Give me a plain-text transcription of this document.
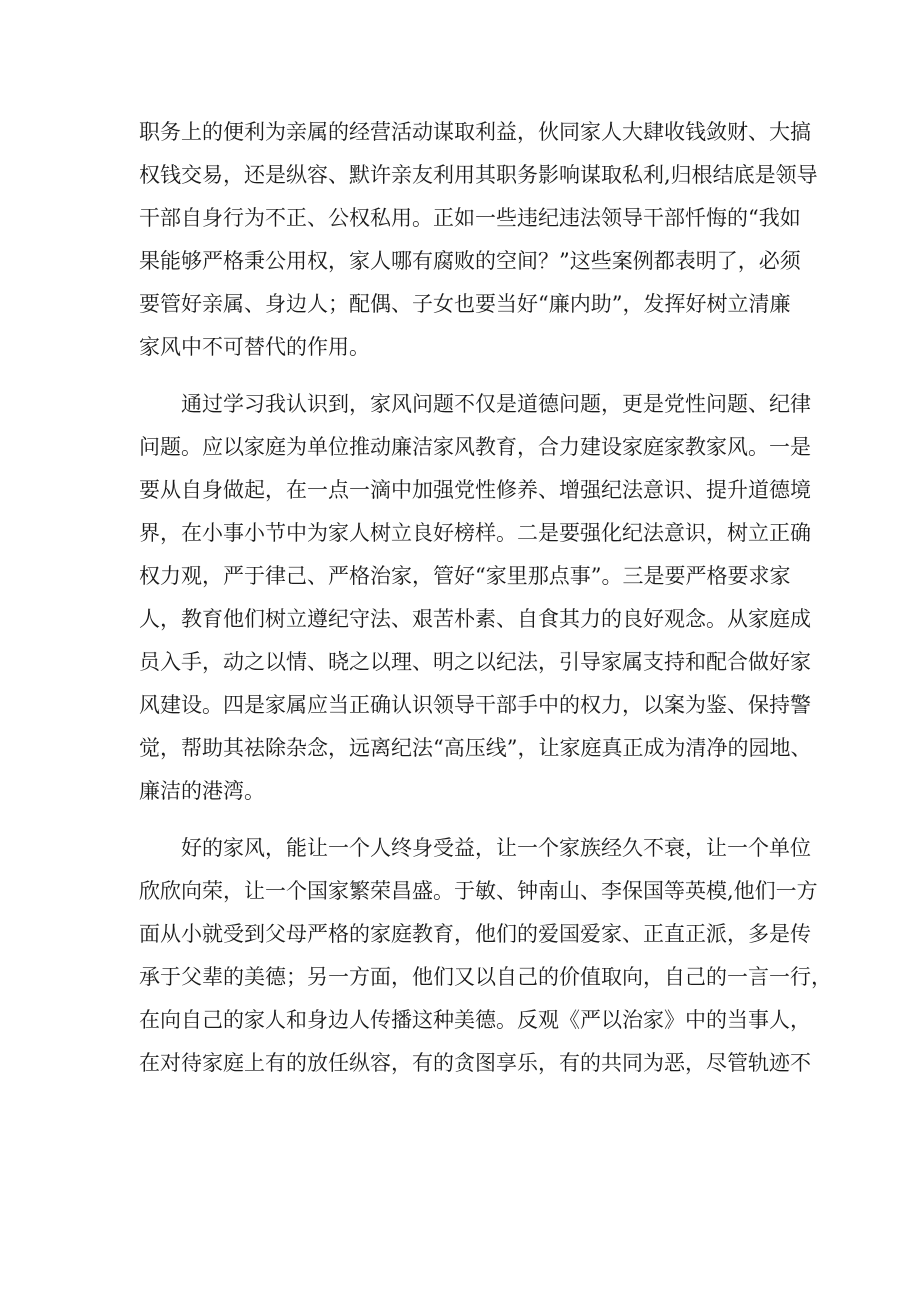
职务上的便利为亲属的经营活动谋取利益，伙同家人大肆收钱敛财、大搞
权钱交易，还是纵容、默许亲友利用其职务影响谋取私利,归根结底是领导
干部自身行为不正、公权私用。正如一些违纪违法领导干部忏悔的“我如
果能够严格秉公用权，家人哪有腐败的空间？”这些案例都表明了，必须
要管好亲属、身边人；配偶、子女也要当好“廉内助”，发挥好树立清廉
家风中不可替代的作用。
通过学习我认识到，家风问题不仅是道德问题，更是党性问题、纪律
问题。应以家庭为单位推动廉洁家风教育，合力建设家庭家教家风。一是
要从自身做起，在一点一滴中加强党性修养、增强纪法意识、提升道德境
界，在小事小节中为家人树立良好榜样。二是要强化纪法意识，树立正确
权力观，严于律己、严格治家，管好“家里那点事”。三是要严格要求家
人，教育他们树立遵纪守法、艰苦朴素、自食其力的良好观念。从家庭成
员入手，动之以情、晓之以理、明之以纪法，引导家属支持和配合做好家
风建设。四是家属应当正确认识领导干部手中的权力，以案为鉴、保持警
觉，帮助其祛除杂念，远离纪法“高压线”，让家庭真正成为清净的园地、
廉洁的港湾。
好的家风，能让一个人终身受益，让一个家族经久不衰，让一个单位
欣欣向荣，让一个国家繁荣昌盛。于敏、钟南山、李保国等英模,他们一方
面从小就受到父母严格的家庭教育，他们的爱国爱家、正直正派，多是传
承于父辈的美德；另一方面，他们又以自己的价值取向，自己的一言一行，
在向自己的家人和身边人传播这种美德。反观《严以治家》中的当事人，
在对待家庭上有的放任纵容，有的贪图享乐，有的共同为恶，尽管轨迹不
